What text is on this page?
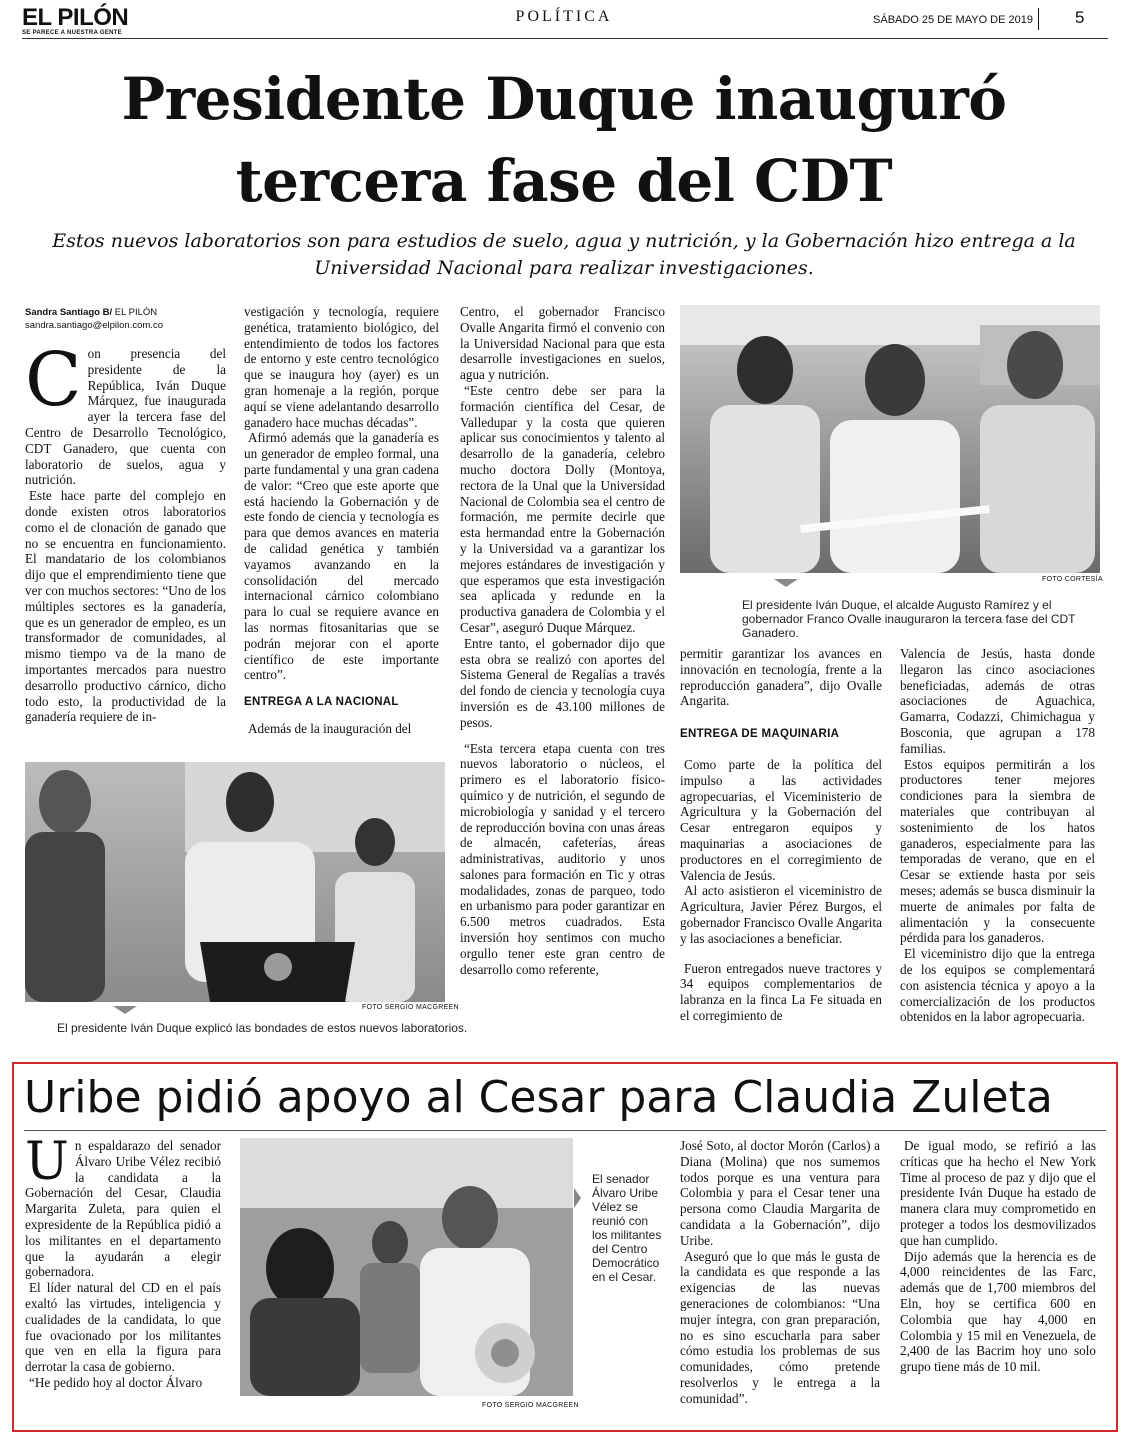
EL PILÓN
SE PARECE A NUESTRA GENTE
POLÍTICA	SÁBADO 25 DE MAYO DE 2019 5
Presidente Duque inauguró
tercera fase del CDT
Estos nuevos laboratorios son para estudios de suelo, agua y nutrición, y la Gobernación hizo entrega a la Universidad Nacional para realizar investigaciones.
Sandra Santiago B/ EL PILÓN
sandra.santiago@elpilon.com.co

Con presencia del presidente de la República, Iván Duque Márquez, fue inaugurada ayer la tercera fase del Centro de Desarrollo Tecnológico, CDT Ganadero, que cuenta con laboratorio de suelos, agua y nutrición.

Este hace parte del complejo en donde existen otros laboratorios como el de clonación de ganado que no se encuentra en funcionamiento. El mandatario de los colombianos dijo que el emprendimiento tiene que ver con muchos sectores: “Uno de los múltiples sectores es la ganadería, que es un generador de empleo, es un transformador de comunidades, al mismo tiempo va de la mano de importantes mercados para nuestro desarrollo productivo cárnico, dicho todo esto, la productividad de la ganadería requiere de in-

vestigación y tecnología, requiere genética, tratamiento biológico, del entendimiento de todos los factores de entorno y este centro tecnológico que se inaugura hoy (ayer) es un gran homenaje a la región, porque aquí se viene adelantando desarrollo ganadero hace muchas décadas”.

Afirmó además que la ganadería es un generador de empleo formal, una parte fundamental y una gran cadena de valor: “Creo que este aporte que está haciendo la Gobernación y de este fondo de ciencia y tecnología es para que demos avances en materia de calidad genética y también vayamos avanzando en la consolidación del mercado internacional cárnico colombiano para lo cual se requiere avance en las normas fitosanitarias que se podrán mejorar con el aporte científico de este importante centro”.

ENTREGA A LA NACIONAL

Además de la inauguración del

Centro, el gobernador Francisco Ovalle Angarita firmó el convenio con la Universidad Nacional para que esta desarrolle investigaciones en suelos, agua y nutrición.

“Este centro debe ser para la formación científica del Cesar, de Valledupar y la costa que quieren aplicar sus conocimientos y talento al desarrollo de la ganadería, celebro mucho doctora Dolly (Montoya, rectora de la Unal que la Universidad Nacional de Colombia sea el centro de formación, me permite decirle que esta hermandad entre la Gobernación y la Universidad va a garantizar los mejores estándares de investigación y que esperamos que esta investigación sea aplicada y redunde en la productiva ganadera de Colombia y el Cesar”, aseguró Duque Márquez.

Entre tanto, el gobernador dijo que esta obra se realizó con aportes del Sistema General de Regalías a través del fondo de ciencia y tecnología cuya inversión es de 43.100 millones de pesos.

“Esta tercera etapa cuenta con tres nuevos laboratorio o núcleos, el primero es el laboratorio físico-químico y de nutrición, el segundo de microbiología y sanidad y el tercero de reproducción bovina con unas áreas de almacén, cafeterías, áreas administrativas, auditorio y unos salones para formación en Tic y otras modalidades, zonas de parqueo, todo en urbanismo para poder garantizar en 6.500 metros cuadrados. Esta inversión hoy sentimos con mucho orgullo tener este gran centro de desarrollo como referente,

FOTO CORTESÍA
El presidente Iván Duque, el alcalde Augusto Ramírez y el gobernador Franco Ovalle inauguraron la tercera fase del CDT Ganadero.

permitir garantizar los avances en innovación en tecnología, frente a la reproducción ganadera”, dijo Ovalle Angarita.

ENTREGA DE MAQUINARIA

Como parte de la política del impulso a las actividades agropecuarias, el Viceministerio de Agricultura y la Gobernación del Cesar entregaron equipos y maquinarias a asociaciones de productores en el corregimiento de Valencia de Jesús.

Al acto asistieron el viceministro de Agricultura, Javier Pérez Burgos, el gobernador Francisco Ovalle Angarita y las asociaciones a beneficiar.

Fueron entregados nueve tractores y 34 equipos complementarios de labranza en la finca La Fe situada en el corregimiento de

Valencia de Jesús, hasta donde llegaron las cinco asociaciones beneficiadas, además de otras asociaciones de Aguachica, Gamarra, Codazzi, Chimichagua y Bosconia, que agrupan a 178 familias.

Estos equipos permitirán a los productores tener mejores condiciones para la siembra de materiales que contribuyan al sostenimiento de los hatos ganaderos, especialmente para las temporadas de verano, que en el Cesar se extiende hasta por seis meses; además se busca disminuir la muerte de animales por falta de alimentación y la consecuente pérdida para los ganaderos.

El viceministro dijo que la entrega de los equipos se complementará con asistencia técnica y apoyo a la comercialización de los productos obtenidos en la labor agropecuaria.

FOTO SERGIO MACGREEN
El presidente Iván Duque explicó las bondades de estos nuevos laboratorios.
Uribe pidió apoyo al Cesar para Claudia Zuleta

Un espaldarazo del senador Álvaro Uribe Vélez recibió la candidata a la Gobernación del Cesar, Claudia Margarita Zuleta, para quien el expresidente de la República pidió a los militantes en el departamento que la ayudarán a elegir gobernadora.

El líder natural del CD en el país exaltó las virtudes, inteligencia y cualidades de la candidata, lo que fue ovacionado por los militantes que ven en ella la figura para derrotar la casa de gobierno.

“He pedido hoy al doctor Álvaro

El senador Álvaro Uribe Vélez se reunió con los militantes del Centro Democrático en el Cesar.
FOTO SERGIO MACGREEN

José Soto, al doctor Morón (Carlos) a Diana (Molina) que nos sumemos todos porque es una ventura para Colombia y para el Cesar tener una persona como Claudia Margarita de candidata a la Gobernación”, dijo Uribe.

Aseguró que lo que más le gusta de la candidata es que responde a las exigencias de las nuevas generaciones de colombianos: “Una mujer íntegra, con gran preparación, no es sino escucharla para saber cómo estudia los problemas de sus comunidades, cómo pretende resolverlos y le entrega a la comunidad”.

De igual modo, se refirió a las críticas que ha hecho el New York Time al proceso de paz y dijo que el presidente Iván Duque ha estado de manera clara muy comprometido en proteger a todos los desmovilizados que han cumplido.

Dijo además que la herencia es de 4,000 reincidentes de las Farc, además que de 1,700 miembros del Eln, hoy se certifica 600 en Colombia que hay 4,000 en Colombia y 15 mil en Venezuela, de 2,400 de las Bacrim hoy uno solo grupo tiene más de 10 mil.
